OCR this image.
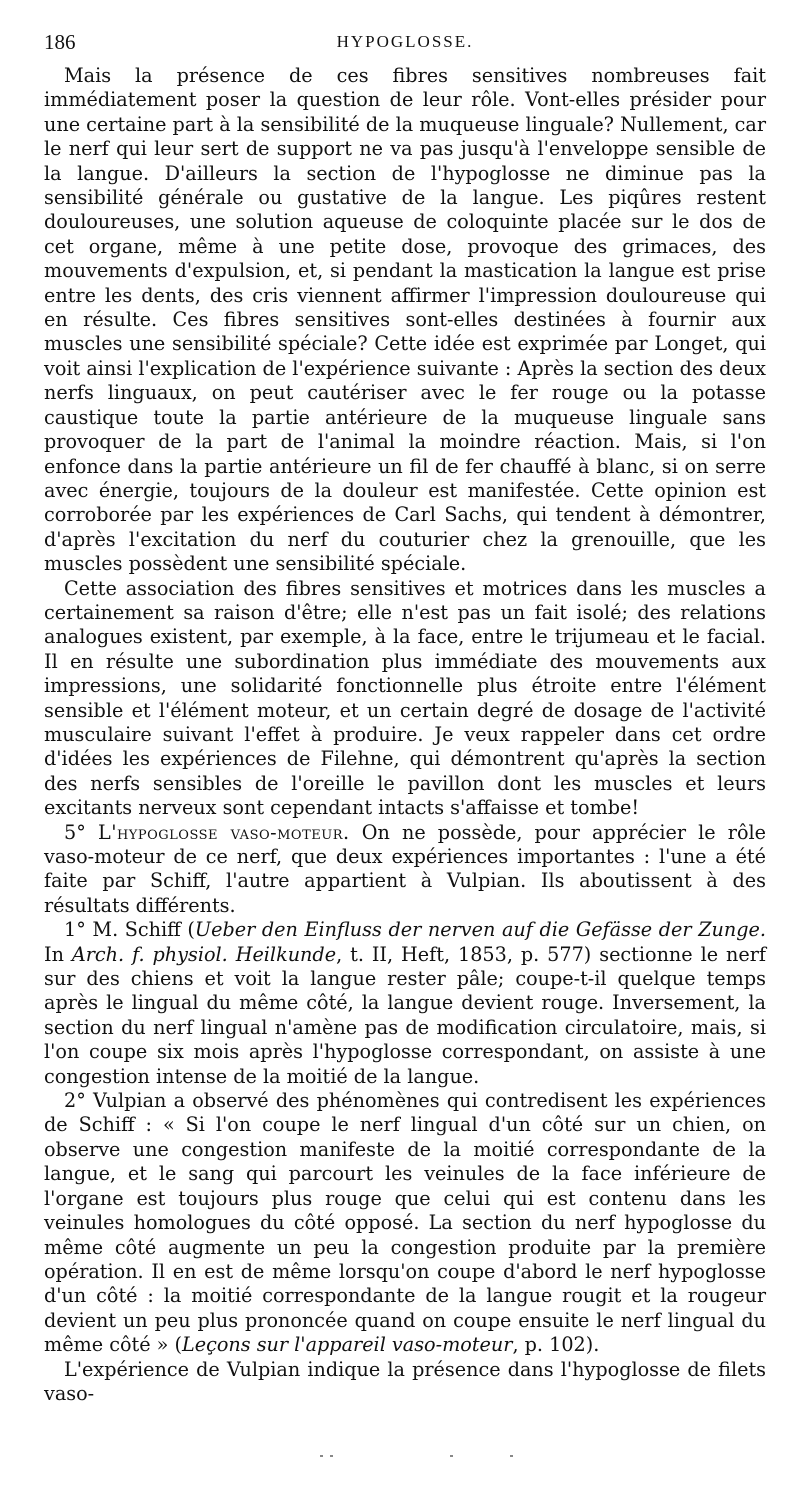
186	HYPOGLOSSE.

Mais la présence de ces fibres sensitives nombreuses fait immédiatement poser la question de leur rôle. Vont-elles présider pour une certaine part à la sensibilité de la muqueuse linguale? Nullement, car le nerf qui leur sert de support ne va pas jusqu'à l'enveloppe sensible de la langue. D'ailleurs la section de l'hypoglosse ne diminue pas la sensibilité générale ou gustative de la langue. Les piqûres restent douloureuses, une solution aqueuse de coloquinte placée sur le dos de cet organe, même à une petite dose, provoque des grimaces, des mouvements d'expulsion, et, si pendant la mastication la langue est prise entre les dents, des cris viennent affirmer l'impression douloureuse qui en résulte. Ces fibres sensitives sont-elles destinées à fournir aux muscles une sensibilité spéciale? Cette idée est exprimée par Longet, qui voit ainsi l'explication de l'expérience suivante : Après la section des deux nerfs linguaux, on peut cautériser avec le fer rouge ou la potasse caustique toute la partie antérieure de la muqueuse linguale sans provoquer de la part de l'animal la moindre réaction. Mais, si l'on enfonce dans la partie antérieure un fil de fer chauffé à blanc, si on serre avec énergie, toujours de la douleur est manifestée. Cette opinion est corroborée par les expériences de Carl Sachs, qui tendent à démontrer, d'après l'excitation du nerf du couturier chez la grenouille, que les muscles possèdent une sensibilité spéciale.

Cette association des fibres sensitives et motrices dans les muscles a certainement sa raison d'être; elle n'est pas un fait isolé; des relations analogues existent, par exemple, à la face, entre le trijumeau et le facial. Il en résulte une subordination plus immédiate des mouvements aux impressions, une solidarité fonctionnelle plus étroite entre l'élément sensible et l'élément moteur, et un certain degré de dosage de l'activité musculaire suivant l'effet à produire. Je veux rappeler dans cet ordre d'idées les expériences de Filehne, qui démontrent qu'après la section des nerfs sensibles de l'oreille le pavillon dont les muscles et leurs excitants nerveux sont cependant intacts s'affaisse et tombe!

5° L'hypoglosse vaso-moteur. On ne possède, pour apprécier le rôle vaso-moteur de ce nerf, que deux expériences importantes : l'une a été faite par Schiff, l'autre appartient à Vulpian. Ils aboutissent à des résultats différents.

1° M. Schiff (Ueber den Einfluss der nerven auf die Gefässe der Zunge. In Arch. f. physiol. Heilkunde, t. II, Heft, 1853, p. 577) sectionne le nerf sur des chiens et voit la langue rester pâle; coupe-t-il quelque temps après le lingual du même côté, la langue devient rouge. Inversement, la section du nerf lingual n'amène pas de modification circulatoire, mais, si l'on coupe six mois après l'hypoglosse correspondant, on assiste à une congestion intense de la moitié de la langue.

2° Vulpian a observé des phénomènes qui contredisent les expériences de Schiff : « Si l'on coupe le nerf lingual d'un côté sur un chien, on observe une congestion manifeste de la moitié correspondante de la langue, et le sang qui parcourt les veinules de la face inférieure de l'organe est toujours plus rouge que celui qui est contenu dans les veinules homologues du côté opposé. La section du nerf hypoglosse du même côté augmente un peu la congestion produite par la première opération. Il en est de même lorsqu'on coupe d'abord le nerf hypoglosse d'un côté : la moitié correspondante de la langue rougit et la rougeur devient un peu plus prononcée quand on coupe ensuite le nerf lingual du même côté » (Leçons sur l'appareil vaso-moteur, p. 102).

L'expérience de Vulpian indique la présence dans l'hypoglosse de filets vaso-
